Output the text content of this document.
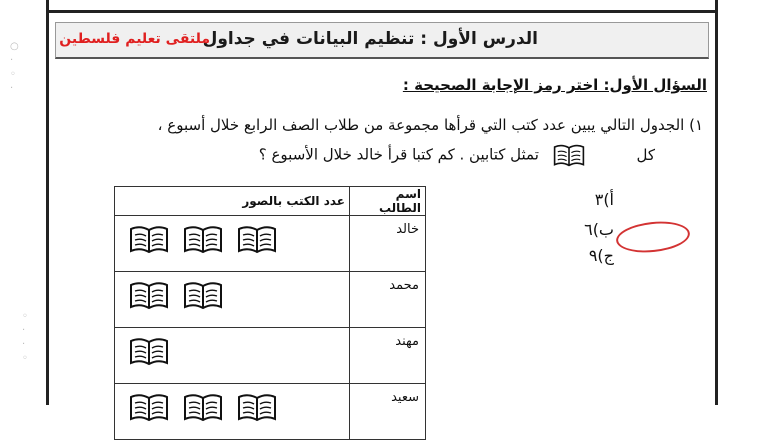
○
·
◦
·
◦
·
·
◦
الدرس الأول : تنظيم البيانات في جداول
ملتقى تعليم فلسطين
السؤال الأول: اختر رمز الإجابة الصحيحة :
١) الجدول التالي يبين عدد كتب التي قرأها مجموعة من طلاب الصف الرابع خلال أسبوع ،
كل  تمثل كتابين . كم كتبا قرأ خالد خلال الأسبوع ؟
اسم الطالب	عدد الكتب بالصور
خالد	

محمد	

مهند	

سعيد	
أ)٣
ب)٦
ج)٩
